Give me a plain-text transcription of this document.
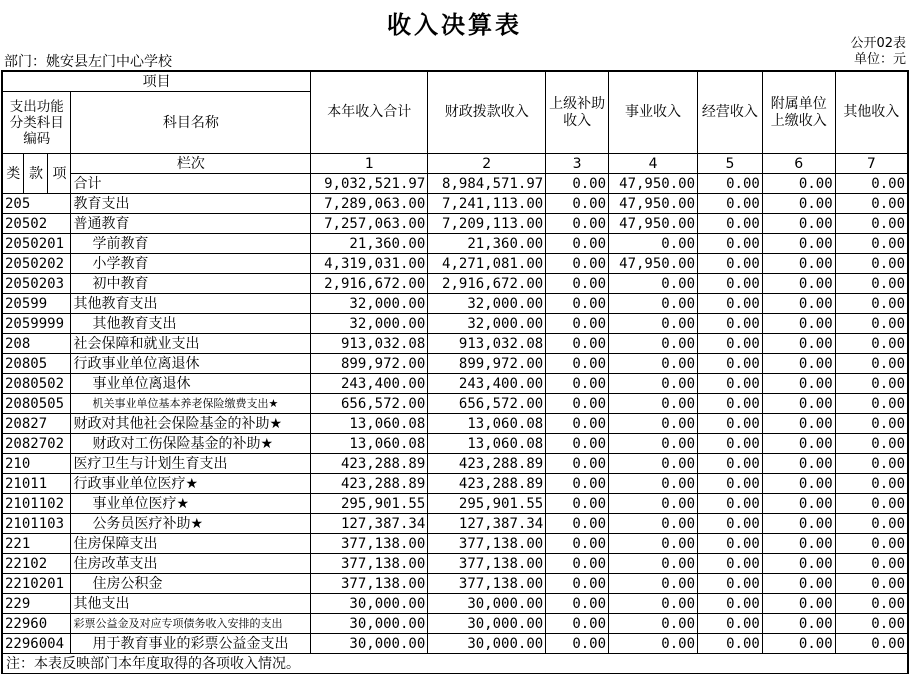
收入决算表
公开02表
单位：元
部门：姚安县左门中心学校
项目				本年收入合计	财政拨款收入	上级补助收入	事业收入	经营收入	附属单位上缴收入	其他收入
支出功能分类科目编码			科目名称							
类	款	项	栏次	1	2	3	4	5	6	7
			合计	9,032,521.97	8,984,571.97	0.00	47,950.00	0.00	0.00	0.00
205			教育支出	7,289,063.00	7,241,113.00	0.00	47,950.00	0.00	0.00	0.00
20502			普通教育	7,257,063.00	7,209,113.00	0.00	47,950.00	0.00	0.00	0.00
2050201			学前教育	21,360.00	21,360.00	0.00	0.00	0.00	0.00	0.00
2050202			小学教育	4,319,031.00	4,271,081.00	0.00	47,950.00	0.00	0.00	0.00
2050203			初中教育	2,916,672.00	2,916,672.00	0.00	0.00	0.00	0.00	0.00
20599			其他教育支出	32,000.00	32,000.00	0.00	0.00	0.00	0.00	0.00
2059999			其他教育支出	32,000.00	32,000.00	0.00	0.00	0.00	0.00	0.00
208			社会保障和就业支出	913,032.08	913,032.08	0.00	0.00	0.00	0.00	0.00
20805			行政事业单位离退休	899,972.00	899,972.00	0.00	0.00	0.00	0.00	0.00
2080502			事业单位离退休	243,400.00	243,400.00	0.00	0.00	0.00	0.00	0.00
2080505			机关事业单位基本养老保险缴费支出★	656,572.00	656,572.00	0.00	0.00	0.00	0.00	0.00
20827			财政对其他社会保险基金的补助★	13,060.08	13,060.08	0.00	0.00	0.00	0.00	0.00
2082702			财政对工伤保险基金的补助★	13,060.08	13,060.08	0.00	0.00	0.00	0.00	0.00
210			医疗卫生与计划生育支出	423,288.89	423,288.89	0.00	0.00	0.00	0.00	0.00
21011			行政事业单位医疗★	423,288.89	423,288.89	0.00	0.00	0.00	0.00	0.00
2101102			事业单位医疗★	295,901.55	295,901.55	0.00	0.00	0.00	0.00	0.00
2101103			公务员医疗补助★	127,387.34	127,387.34	0.00	0.00	0.00	0.00	0.00
221			住房保障支出	377,138.00	377,138.00	0.00	0.00	0.00	0.00	0.00
22102			住房改革支出	377,138.00	377,138.00	0.00	0.00	0.00	0.00	0.00
2210201			住房公积金	377,138.00	377,138.00	0.00	0.00	0.00	0.00	0.00
229			其他支出	30,000.00	30,000.00	0.00	0.00	0.00	0.00	0.00
22960			彩票公益金及对应专项债务收入安排的支出	30,000.00	30,000.00	0.00	0.00	0.00	0.00	0.00
2296004			用于教育事业的彩票公益金支出	30,000.00	30,000.00	0.00	0.00	0.00	0.00	0.00
注：本表反映部门本年度取得的各项收入情况。										
